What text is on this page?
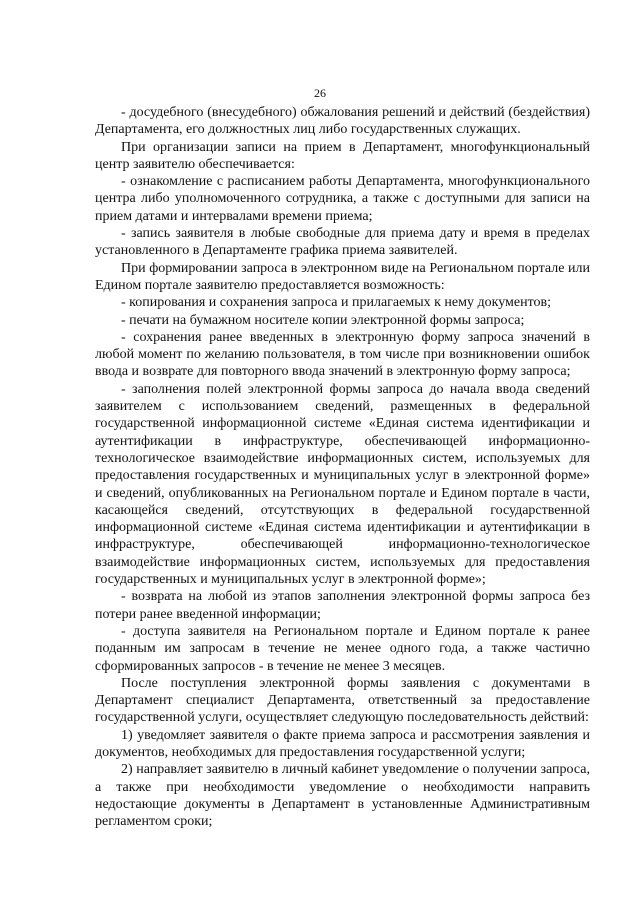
26

- досудебного (внесудебного) обжалования решений и действий (бездействия) Департамента, его должностных лиц либо государственных служащих.

При организации записи на прием в Департамент, многофункциональный центр заявителю обеспечивается:

- ознакомление с расписанием работы Департамента, многофункционального центра либо уполномоченного сотрудника, а также с доступными для записи на прием датами и интервалами времени приема;

- запись заявителя в любые свободные для приема дату и время в пределах установленного в Департаменте графика приема заявителей.

При формировании запроса в электронном виде на Региональном портале или Едином портале заявителю предоставляется возможность:

- копирования и сохранения запроса и прилагаемых к нему документов;

- печати на бумажном носителе копии электронной формы запроса;

- сохранения ранее введенных в электронную форму запроса значений в любой момент по желанию пользователя, в том числе при возникновении ошибок ввода и возврате для повторного ввода значений в электронную форму запроса;

- заполнения полей электронной формы запроса до начала ввода сведений заявителем с использованием сведений, размещенных в федеральной государственной информационной системе «Единая система идентификации и аутентификации в инфраструктуре, обеспечивающей информационно-технологическое взаимодействие информационных систем, используемых для предоставления государственных и муниципальных услуг в электронной форме» и сведений, опубликованных на Региональном портале и Едином портале в части, касающейся сведений, отсутствующих в федеральной государственной информационной системе «Единая система идентификации и аутентификации в инфраструктуре, обеспечивающей информационно-технологическое взаимодействие информационных систем, используемых для предоставления государственных и муниципальных услуг в электронной форме»;

- возврата на любой из этапов заполнения электронной формы запроса без потери ранее введенной информации;

- доступа заявителя на Региональном портале и Едином портале к ранее поданным им запросам в течение не менее одного года, а также частично сформированных запросов - в течение не менее 3 месяцев.

После поступления электронной формы заявления с документами в Департамент специалист Департамента, ответственный за предоставление государственной услуги, осуществляет следующую последовательность действий:

1) уведомляет заявителя о факте приема запроса и рассмотрения заявления и документов, необходимых для предоставления государственной услуги;

2) направляет заявителю в личный кабинет уведомление о получении запроса, а также при необходимости уведомление о необходимости направить недостающие документы в Департамент в установленные Административным регламентом сроки;
